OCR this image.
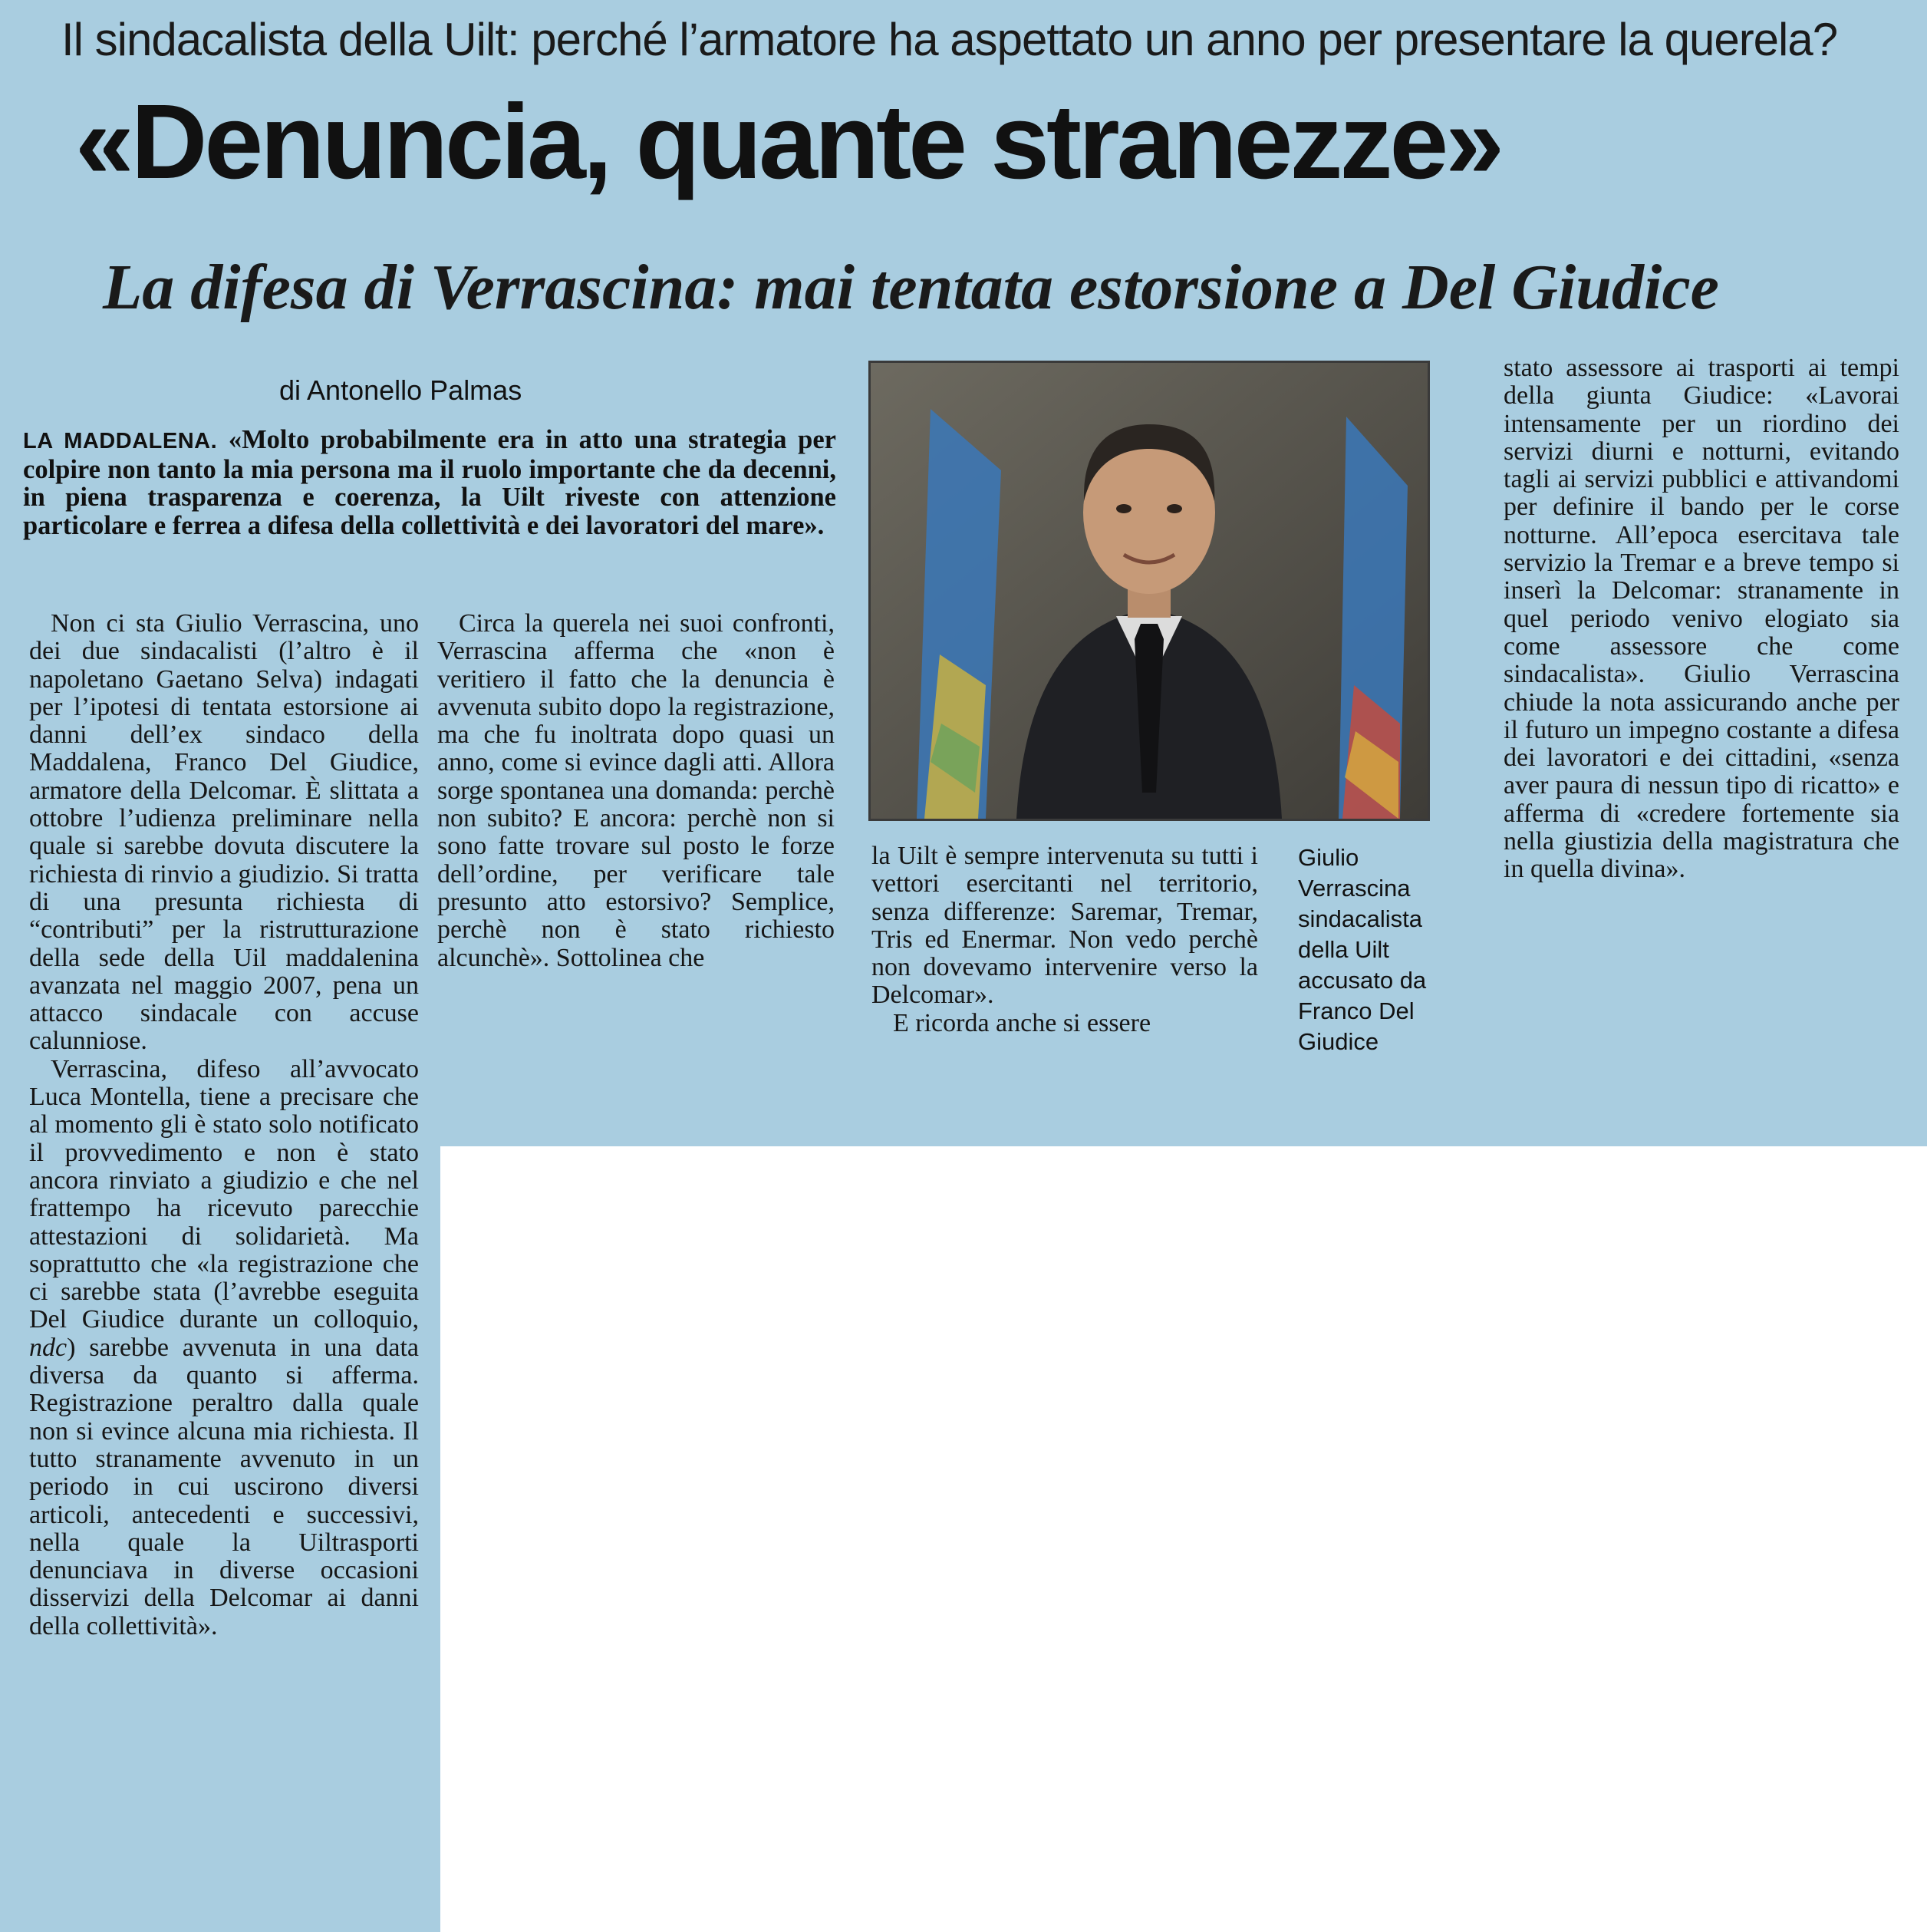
Il sindacalista della Uilt: perché l’armatore ha aspettato un anno per presentare la querela?
«Denuncia, quante stranezze»
La difesa di Verrascina: mai tentata estorsione a Del Giudice
di Antonello Palmas
LA MADDALENA. «Molto probabilmente era in atto una strategia per colpire non tanto la mia persona ma il ruolo importante che da decenni, in piena trasparenza e coerenza, la Uilt riveste con attenzione particolare e ferrea a difesa della collettività e dei lavoratori del mare».

Non ci sta Giulio Verrascina, uno dei due sindacalisti (l’altro è il napoletano Gaetano Selva) indagati per l’ipotesi di tentata estorsione ai danni dell’ex sindaco della Maddalena, Franco Del Giudice, armatore della Delcomar. È slittata a ottobre l’udienza preliminare nella quale si sarebbe dovuta discutere la richiesta di rinvio a giudizio. Si tratta di una presunta richiesta di “contributi” per la ristrutturazione della sede della Uil maddalenina avanzata nel maggio 2007, pena un attacco sindacale con accuse calunniose.

Verrascina, difeso all’avvocato Luca Montella, tiene a precisare che al momento gli è stato solo notificato il provvedimento e non è stato ancora rinviato a giudizio e che nel frattempo ha ricevuto parecchie attestazioni di solidarietà. Ma soprattutto che «la registrazione che ci sarebbe stata (l’avrebbe eseguita Del Giudice durante un colloquio, ndc) sarebbe avvenuta in una data diversa da quanto si afferma. Registrazione peraltro dalla quale non si evince alcuna mia richiesta. Il tutto stranamente avvenuto in un periodo in cui uscirono diversi articoli, antecedenti e successivi, nella quale la Uiltrasporti denunciava in diverse occasioni disservizi della Delcomar ai danni della collettività».

Circa la querela nei suoi confronti, Verrascina afferma che «non è veritiero il fatto che la denuncia è avvenuta subito dopo la registrazione, ma che fu inoltrata dopo quasi un anno, come si evince dagli atti. Allora sorge spontanea una domanda: perchè non subito? E ancora: perchè non si sono fatte trovare sul posto le forze dell’ordine, per verificare tale presunto atto estorsivo? Semplice, perchè non è stato richiesto alcunchè». Sottolinea che

la Uilt è sempre intervenuta su tutti i vettori esercitanti nel territorio, senza differenze: Saremar, Tremar, Tris ed Enermar. Non vedo perchè non dovevamo intervenire verso la Delcomar».

E ricorda anche si essere

stato assessore ai trasporti ai tempi della giunta Giudice: «Lavorai intensamente per un riordino dei servizi diurni e notturni, evitando tagli ai servizi pubblici e attivandomi per definire il bando per le corse notturne. All’epoca esercitava tale servizio la Tremar e a breve tempo si inserì la Delcomar: stranamente in quel periodo venivo elogiato sia come assessore che come sindacalista». Giulio Verrascina chiude la nota assicurando anche per il futuro un impegno costante a difesa dei lavoratori e dei cittadini, «senza aver paura di nessun tipo di ricatto» e afferma di «credere fortemente sia nella giustizia della magistratura che in quella divina».

Giulio Verrascina sindacalista della Uilt accusato da Franco Del Giudice
